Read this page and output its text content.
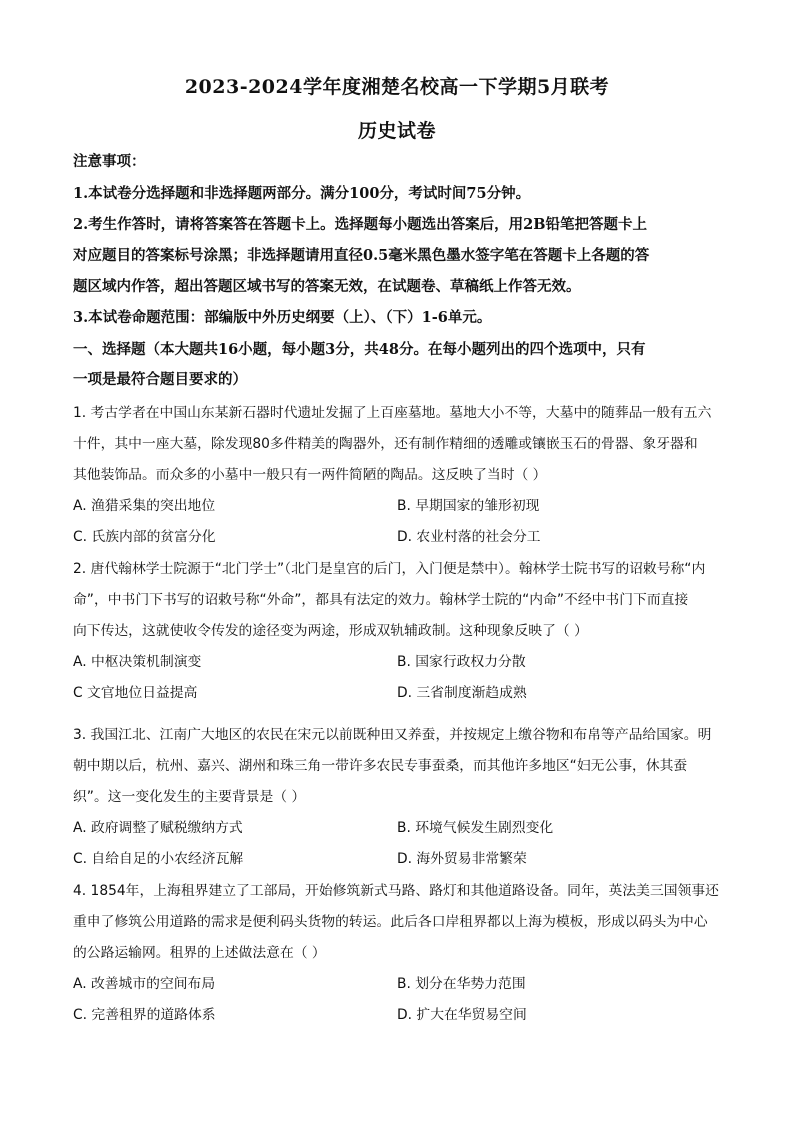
2023-2024学年度湘楚名校高一下学期5月联考
历史试卷
注意事项：
1.本试卷分选择题和非选择题两部分。满分100分，考试时间75分钟。
2.考生作答时，请将答案答在答题卡上。选择题每小题选出答案后，用2B铅笔把答题卡上
对应题目的答案标号涂黑；非选择题请用直径0.5毫米黑色墨水签字笔在答题卡上各题的答
题区域内作答，超出答题区域书写的答案无效，在试题卷、草稿纸上作答无效。
3.本试卷命题范围：部编版中外历史纲要（上）、（下）1-6单元。
一、选择题（本大题共16小题，每小题3分，共48分。在每小题列出的四个选项中，只有
一项是最符合题目要求的）
1. 考古学者在中国山东某新石器时代遗址发掘了上百座墓地。墓地大小不等，大墓中的随葬品一般有五六
十件，其中一座大墓，除发现80多件精美的陶器外，还有制作精细的透雕或镶嵌玉石的骨器、象牙器和
其他装饰品。而众多的小墓中一般只有一两件简陋的陶品。这反映了当时（ ）
A. 渔猎采集的突出地位	B. 早期国家的雏形初现
C. 氏族内部的贫富分化	D. 农业村落的社会分工
2. 唐代翰林学士院源于“北门学士”（北门是皇宫的后门，入门便是禁中）。翰林学士院书写的诏敕号称“内
命”，中书门下书写的诏敕号称“外命”，都具有法定的效力。翰林学士院的“内命”不经中书门下而直接
向下传达，这就使收令传发的途径变为两途，形成双轨辅政制。这种现象反映了（ ）
A. 中枢决策机制演变	B. 国家行政权力分散
C 文官地位日益提高	D. 三省制度渐趋成熟
3. 我国江北、江南广大地区的农民在宋元以前既种田又养蚕，并按规定上缴谷物和布帛等产品给国家。明
朝中期以后，杭州、嘉兴、湖州和珠三角一带许多农民专事蚕桑，而其他许多地区“妇无公事，休其蚕
织”。这一变化发生的主要背景是（ ）
A. 政府调整了赋税缴纳方式	B. 环境气候发生剧烈变化
C. 自给自足的小农经济瓦解	D. 海外贸易非常繁荣
4. 1854年，上海租界建立了工部局，开始修筑新式马路、路灯和其他道路设备。同年，英法美三国领事还
重申了修筑公用道路的需求是便利码头货物的转运。此后各口岸租界都以上海为模板，形成以码头为中心
的公路运输网。租界的上述做法意在（ ）
A. 改善城市的空间布局	B. 划分在华势力范围
C. 完善租界的道路体系	D. 扩大在华贸易空间
